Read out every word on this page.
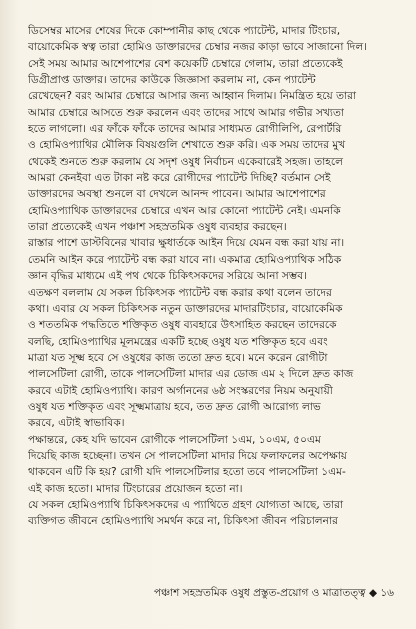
ডিসেম্বর মাসের শেষের দিকে কোম্পানীর কাছ থেকে প্যাটেন্ট, মাদার টিংচার,
বায়োকেমিক স্বত্ব তারা হোমিও ডাক্তারদের চেম্বার নজর কাড়া ভাবে সাজানো দিল।
সেই সময় আমার আশেপাশের বেশ কয়েকটি চেম্বারে গেলাম, তারা প্রত্যেকেই
ডিগ্রীপ্রাপ্ত ডাক্তার। তাদের কাউকে জিজ্ঞাসা করলাম না, কেন প্যাটেন্ট
রেখেছেন? বরং আমার চেম্বারে আসার জন্য আহ্বান দিলাম। নিমন্ত্রিত হয়ে তারা
আমার চেম্বারে আসতে শুরু করলেন এবং তাদের সাথে আমার গভীর সখ্যতা
হতে লাগলো। এর ফাঁকে ফাঁকে তাদের আমার সাধ্যমত রোগীলিপি, রেপার্টরি
ও হোমিওপ্যাথির মৌলিক বিষয়গুলি শেখাতে শুরু করি। এক সময় তাদের মুখ
থেকেই শুনতে শুরু করলাম যে সদৃশ ওষুধ নির্বাচন একেবারেই সহজ। তাহলে
আমরা কেনইবা এত টাকা নষ্ট করে রোগীদের প্যাটেন্ট দিচ্ছি? বর্তমান সেই
ডাক্তারদের অবস্থা শুনলে বা দেখলে আনন্দ পাবেন। আমার আশেপাশের
হোমিওপ্যাথিক ডাক্তারদের চেম্বারে এখন আর কোনো প্যাটেন্ট নেই। এমনকি
তারা প্রত্যেকেই এখন পঞ্চাশ সহস্রতমিক ওষুধ ব্যবহার করছেন।
রাস্তার পাশে ডাস্টবিনের খাবার ক্ষুধার্তকে আইন দিয়ে যেমন বন্ধ করা যায় না।
তেমনি আইন করে প্যাটেন্ট বন্ধ করা যাবে না। একমাত্র হোমিওপ্যাথিক সঠিক
জ্ঞান বৃদ্ধির মাধ্যমে এই পথ থেকে চিকিৎসকদের সরিয়ে আনা সম্ভব।
এতক্ষণ বললাম যে সকল চিকিৎসক প্যাটেন্ট বন্ধ করার কথা বলেন তাদের
কথা। এবার যে সকল চিকিৎসক নতুন ডাক্তারদের মাদারটিংচার, বায়োকেমিক
ও শততমিক পদ্ধতিতে শক্তিকৃত ওষুধ ব্যবহারে উৎসাহিত করছেন তাদেরকে
বলছি, হোমিওপ্যাথির মূলমন্ত্রের একটি হচ্ছে ওষুধ যত শক্তিকৃত হবে এবং
মাত্রা যত সূক্ষ্ম হবে সে ওষুধের কাজ ততো দ্রুত হবে। মনে করেন রোগীটা
পালসেটিলা রোগী, তাকে পালসেটিলা মাদার এর ডোজ এম ২ দিলে দ্রুত কাজ
করবে এটাই হোমিওপ্যাথি। কারণ অর্গাননের ৬ষ্ঠ সংস্করণের নিয়ম অনুযায়ী
ওষুধ যত শক্তিকৃত এবং সূক্ষ্মমাত্রায় হবে, তত দ্রুত রোগী আরোগ্য লাভ
করবে, এটাই স্বাভাবিক।
পক্ষান্তরে, কেহ যদি ভাবেন রোগীকে পালসেটিলা ১এম, ১০এম, ৫০এম
দিয়েছি কাজ হচ্ছেনা। তখন সে পালসেটিলা মাদার দিয়ে ফলাফলের অপেক্ষায়
থাকবেন এটি কি হয়? রোগী যদি পালসেটিলার হতো তবে পালসেটিলা ১এম-
এই কাজ হতো। মাদার টিংচারের প্রয়োজন হতো না।
যে সকল হোমিওপ্যাথি চিকিৎসকদের এ প্যাথিতে গ্রহণ যোগ্যতা আছে, তারা
ব্যক্তিগত জীবনে হোমিওপ্যাথি সমর্থন করে না, চিকিৎসা জীবন পরিচালনার
পঞ্চাশ সহস্রতমিক ওষুধ প্রস্তুত-প্রয়োগ ও মাত্রাতত্ত্ব ◆ ১৬
